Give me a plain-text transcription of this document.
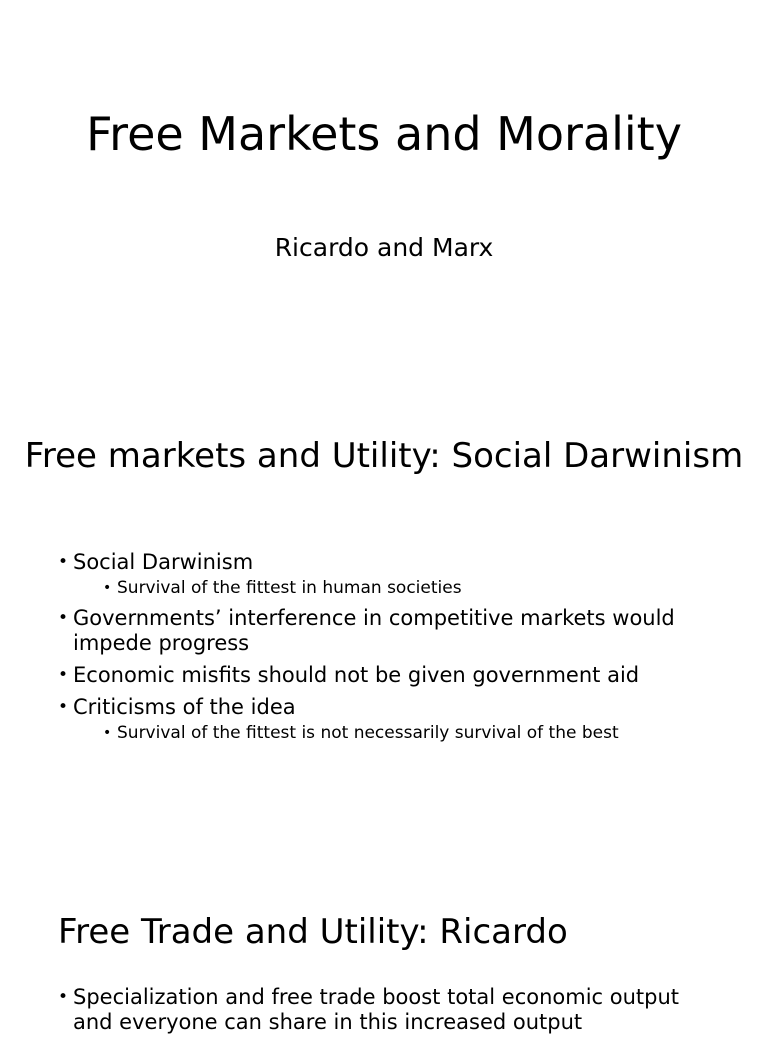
Free Markets and Morality

Ricardo and Marx

Free markets and Utility: Social Darwinism
• Social Darwinism
• Survival of the fittest in human societies
• Governments’ interference in competitive markets would impede progress
• Economic misfits should not be given government aid
• Criticisms of the idea
• Survival of the fittest is not necessarily survival of the best
Free Trade and Utility: Ricardo
• Specialization and free trade boost total economic output and everyone can share in this increased output
